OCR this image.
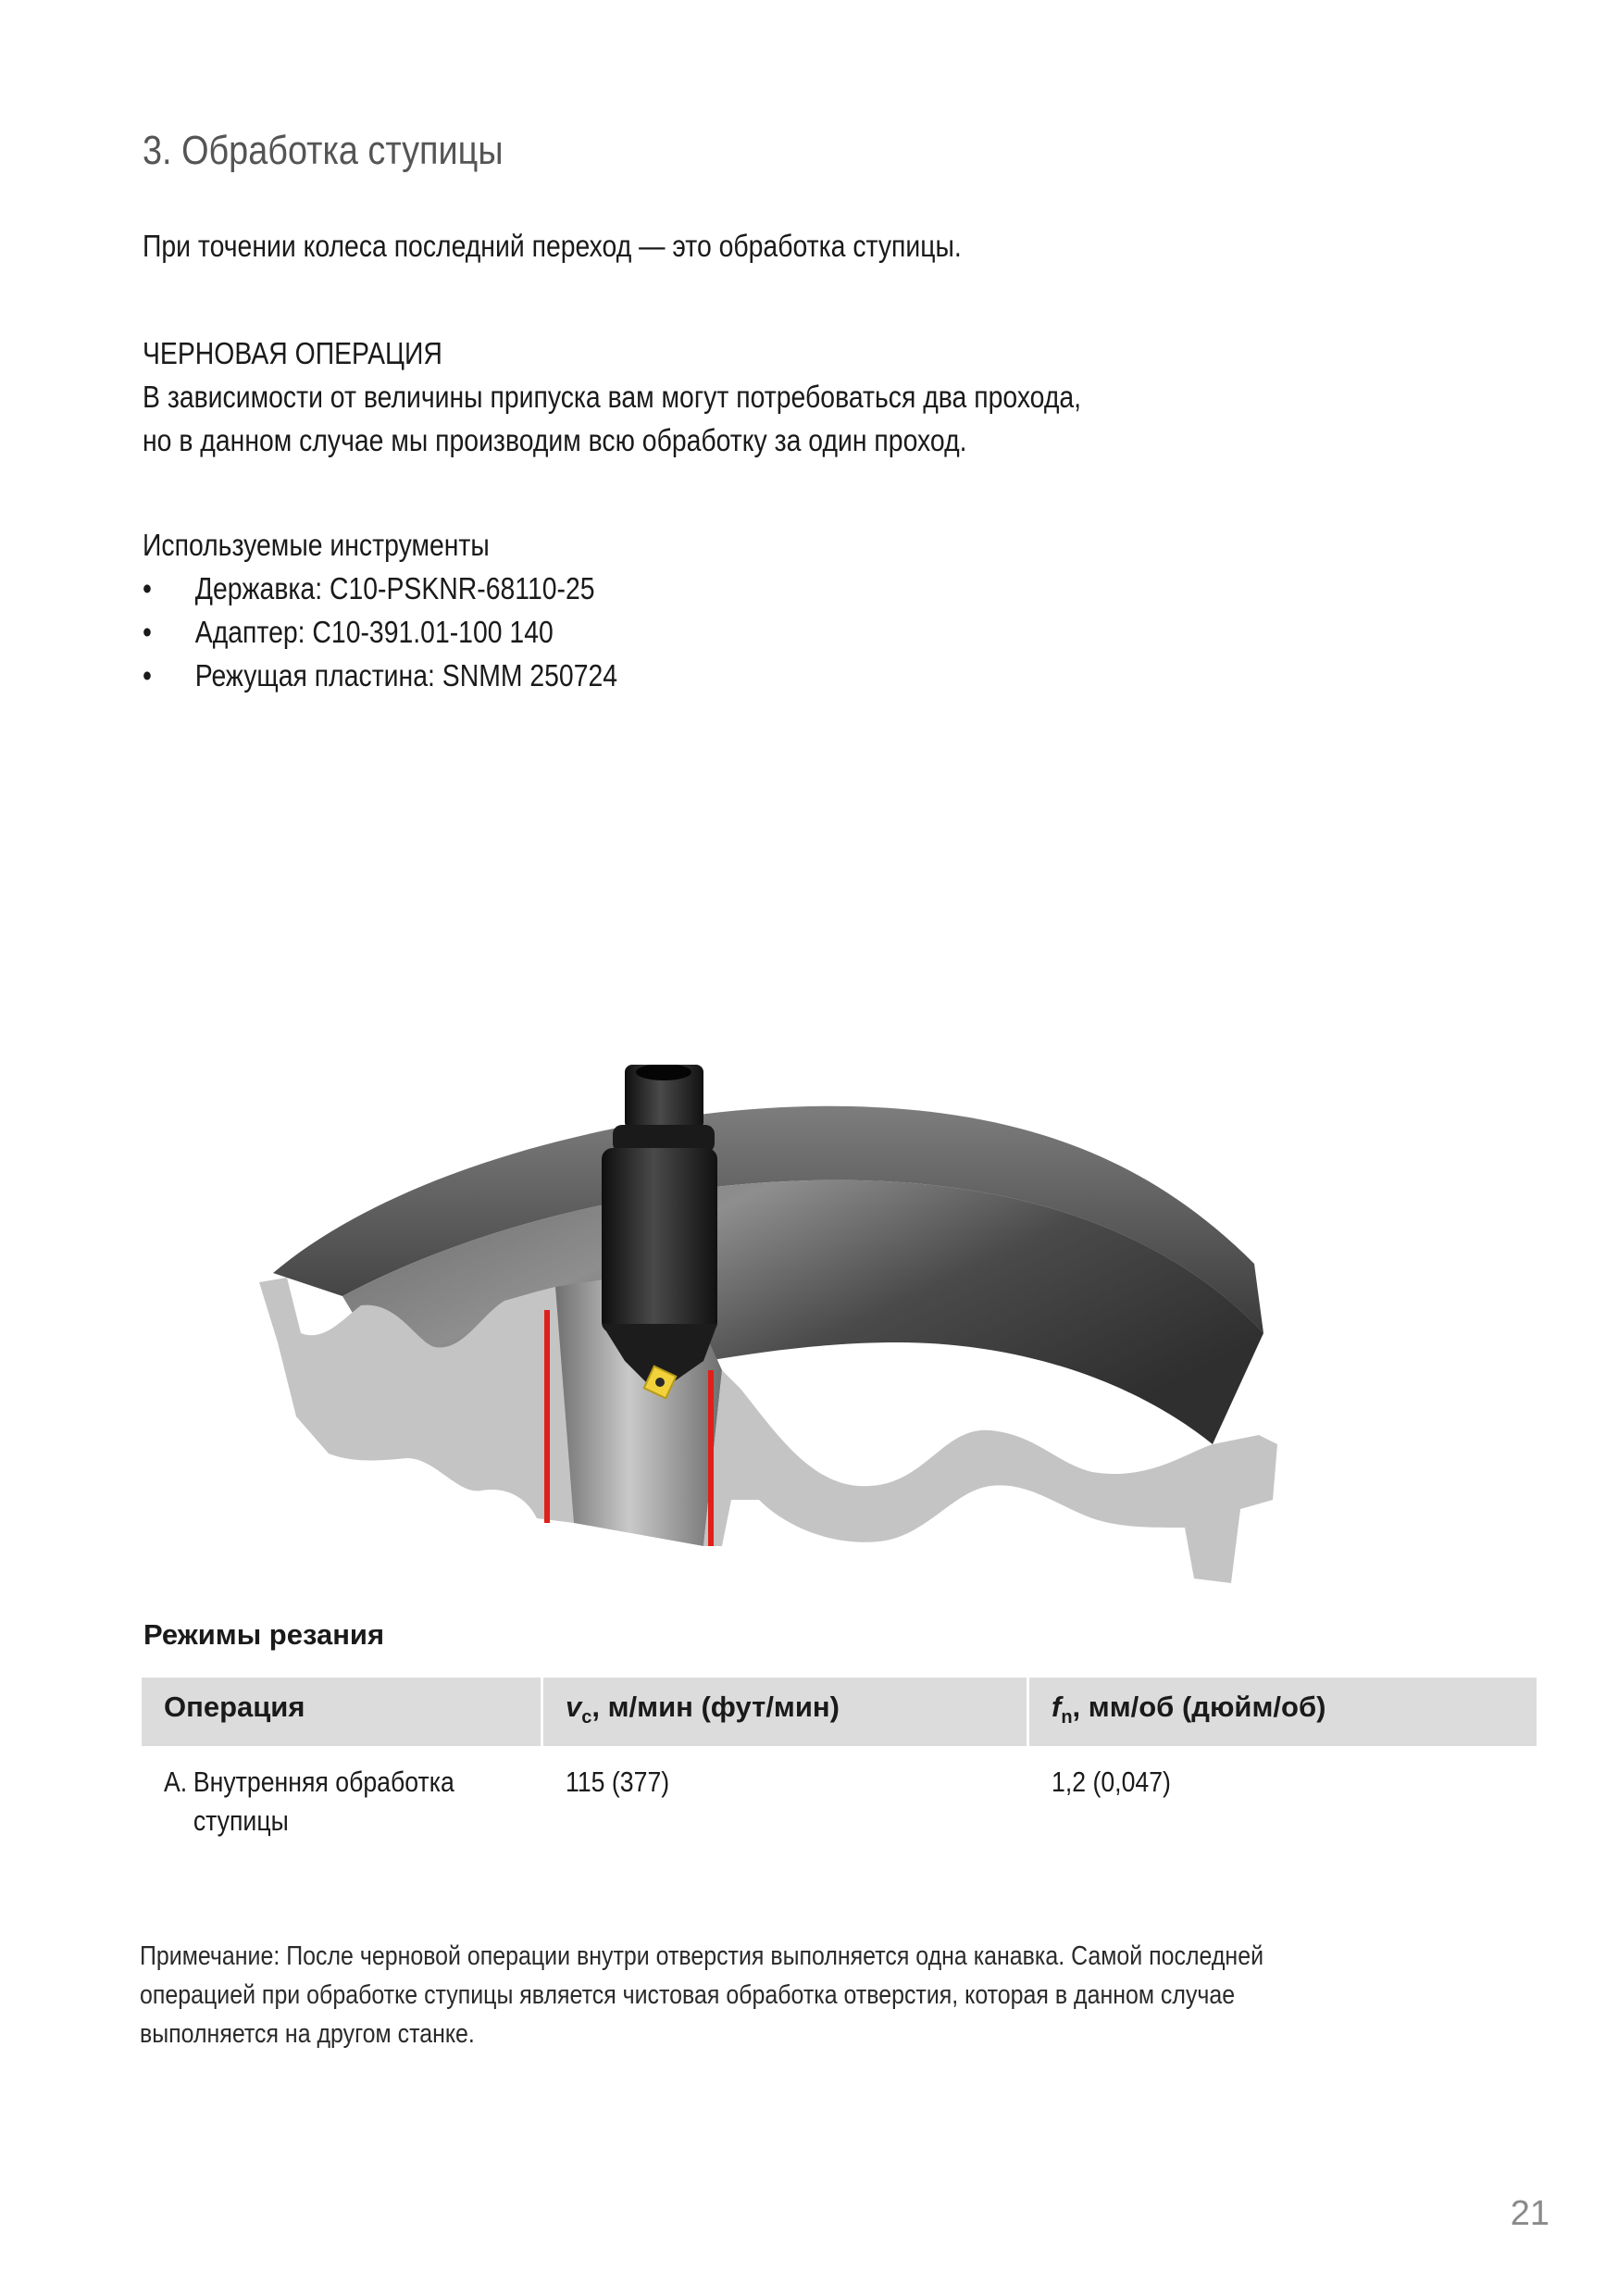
3. Обработка ступицы
При точении колеса последний переход — это обработка ступицы.
ЧЕРНОВАЯ ОПЕРАЦИЯ
В зависимости от величины припуска вам могут потребоваться два прохода,
но в данном случае мы производим всю обработку за один проход.
Используемые инструменты
• Державка: C10-PSKNR-68110-25
• Адаптер: C10-391.01-100 140
• Режущая пластина: SNMM 250724
Режимы резания
Операция	$v_c$, м/мин (фут/мин)	$f_n$, мм/об (дюйм/об)
A. Внутренняя обработка
ступицы
115 (377)	1,2 (0,047)
Примечание: После черновой операции внутри отверстия выполняется одна канавка. Самой последней
операцией при обработке ступицы является чистовая обработка отверстия, которая в данном случае
выполняется на другом станке.
21
